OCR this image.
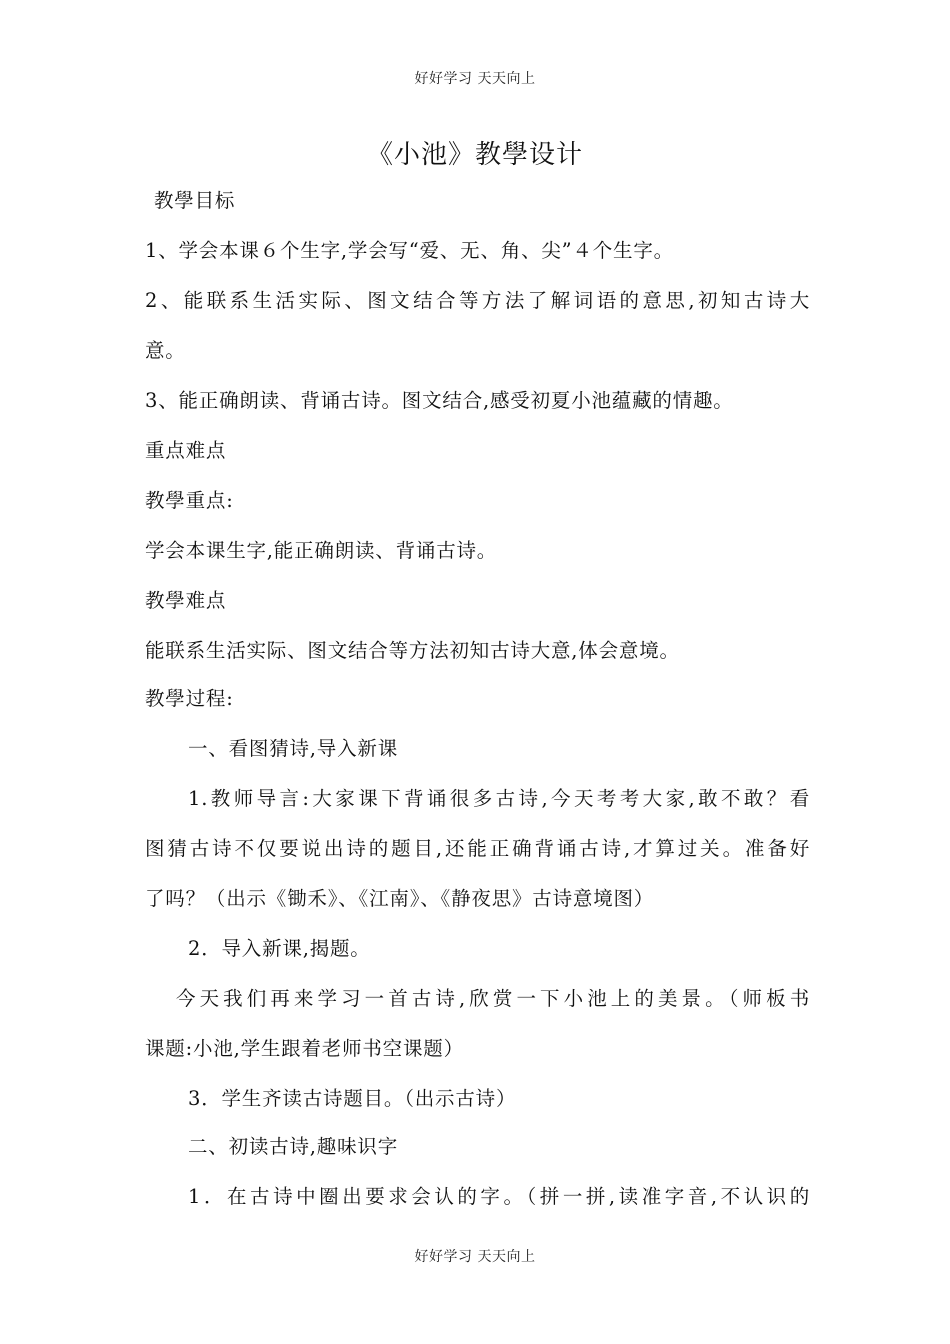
好好学习 天天向上
《小池》教學设计
教學目标
1、学会本课６个生字,学会写“爱、无、角、尖”４个生字。
2、能联系生活实际、图文结合等方法了解词语的意思,初知古诗大
意。
3、能正确朗读、背诵古诗。图文结合,感受初夏小池蕴藏的情趣。
重点难点
教學重点:
学会本课生字,能正确朗读、背诵古诗。
教學难点
能联系生活实际、图文结合等方法初知古诗大意,体会意境。
教學过程:
一、看图猜诗,导入新课
1.教师导言:大家课下背诵很多古诗,今天考考大家,敢不敢？看
图猜古诗不仅要说出诗的题目,还能正确背诵古诗,才算过关。准备好
了吗？（出示《锄禾》、《江南》、《静夜思》古诗意境图）
2．导入新课,揭题。
今天我们再来学习一首古诗,欣赏一下小池上的美景。（师板书
课题:小池,学生跟着老师书空课题）
3．学生齐读古诗题目。（出示古诗）
二、初读古诗,趣味识字
1．在古诗中圈出要求会认的字。（拼一拼,读准字音,不认识的
好好学习 天天向上
